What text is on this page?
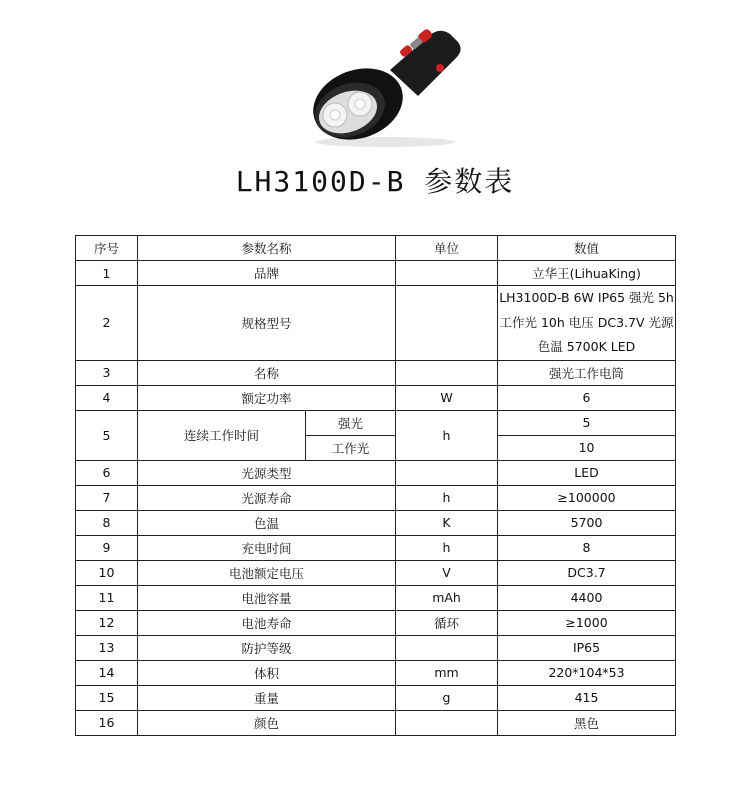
LH3100D-B 参数表
序号	参数名称		单位	数值
1	品牌			立华王(LihuaKing)
2	规格型号			LH3100D-B 6W IP65 强光 5h 工作光 10h 电压 DC3.7V 光源色温 5700K LED
3	名称			强光工作电筒
4	额定功率		W	6
5	连续工作时间	强光	h	5
		工作光		10
6	光源类型			LED
7	光源寿命		h	≥100000
8	色温		K	5700
9	充电时间		h	8
10	电池额定电压		V	DC3.7
11	电池容量		mAh	4400
12	电池寿命		循环	≥1000
13	防护等级			IP65
14	体积		mm	220*104*53
15	重量		g	415
16	颜色			黑色
